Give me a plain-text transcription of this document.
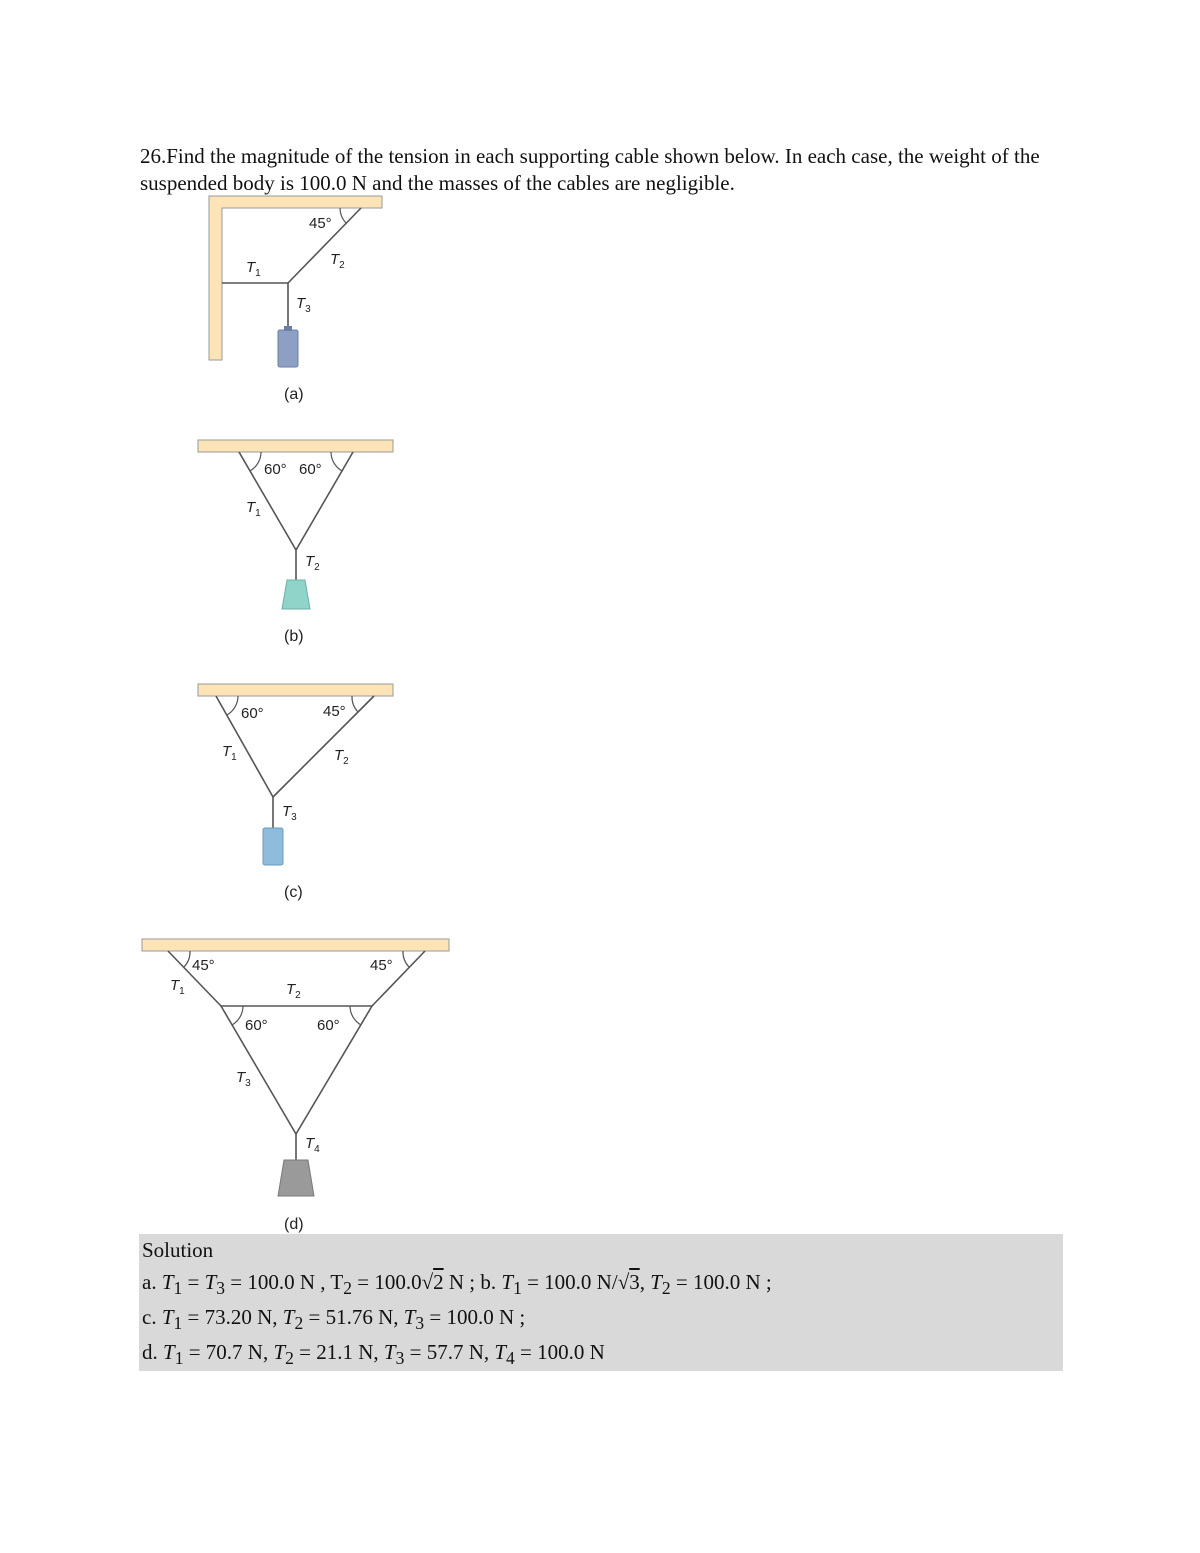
26.Find the magnitude of the tension in each supporting cable shown below. In each case, the weight of the suspended body is 100.0 N and the masses of the cables are negligible.
45°
$T_1$
$T_2$
$T_3$
(a)
60° 60°
$T_1$
$T_2$
(b)
60°	45°
$T_1$	$T_2$
$T_3$
(c)
45°	45°
60°	60°
$T_1$	$T_2$
$T_3$
$T_4$
(d)
Solution
a. $T_1 = T_3 = 100.0$ N , $T_2 = 100.0√2$ N ; b. $T_1 = 100.0$ N/√3, $T_2 = 100.0$ N ;
c. $T_1 = 73.20$ N, $T_2 = 51.76$ N, $T_3 = 100.0$ N ;
d. $T_1 = 70.7$ N, $T_2 = 21.1$ N, $T_3 = 57.7$ N, $T_4 = 100.0$ N
